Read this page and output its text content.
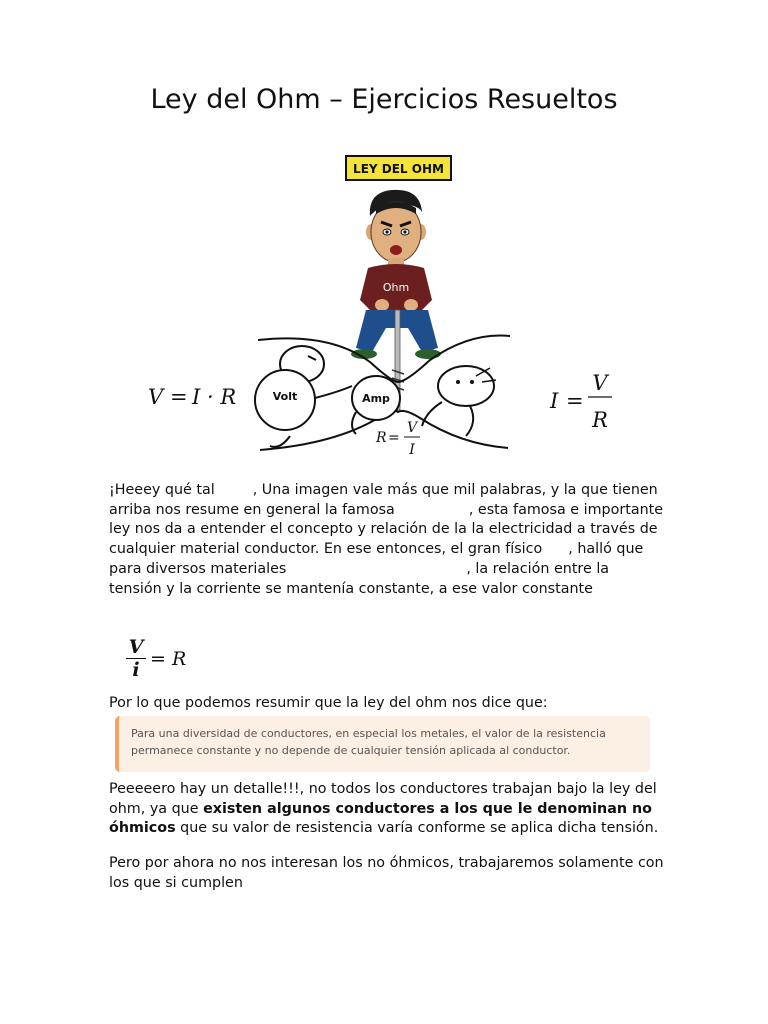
Ley del Ohm – Ejercicios Resueltos
LEY DEL OHM
Ohm
Volt	Amp
V = I · R	I =
V
R
R =
V
I

¡Heeey qué tal	, Una imagen vale más que mil palabras, y la que tienen arriba nos resume en general la famosa	, esta famosa e importante ley nos da a entender el concepto y relación de la la electricidad a través de cualquier material conductor. En ese entonces, el gran físico , halló que para diversos materiales	, la relación entre la tensión y la corriente se mantenía constante, a ese valor constante

$\frac{V}{i} = R$

Por lo que podemos resumir que la ley del ohm nos dice que:

Para una diversidad de conductores, en especial los metales, el valor de la resistencia permanece constante y no depende de cualquier tensión aplicada al conductor.

Peeeeero hay un detalle!!!, no todos los conductores trabajan bajo la ley del ohm, ya que existen algunos conductores a los que le denominan no óhmicos que su valor de resistencia varía conforme se aplica dicha tensión.

Pero por ahora no nos interesan los no óhmicos, trabajaremos solamente con los que si cumplen
